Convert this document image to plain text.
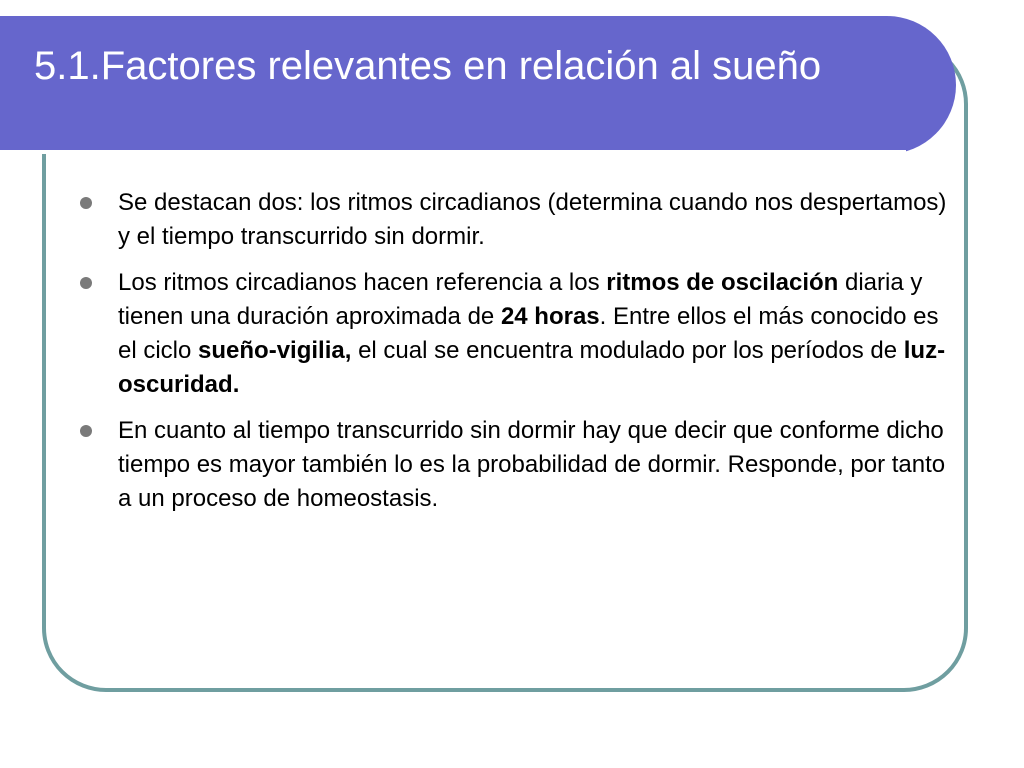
5.1.Factores relevantes en relación al sueño
Se destacan dos: los ritmos circadianos (determina cuando nos despertamos) y el tiempo transcurrido sin dormir.
Los ritmos circadianos hacen referencia a los ritmos de oscilación diaria y tienen una duración aproximada de 24 horas. Entre ellos el más conocido es el ciclo sueño-vigilia, el cual se encuentra modulado por los períodos de luz-oscuridad.
En cuanto al tiempo transcurrido sin dormir hay que decir que conforme dicho tiempo es mayor también lo es la probabilidad de dormir. Responde, por tanto a un proceso de homeostasis.
